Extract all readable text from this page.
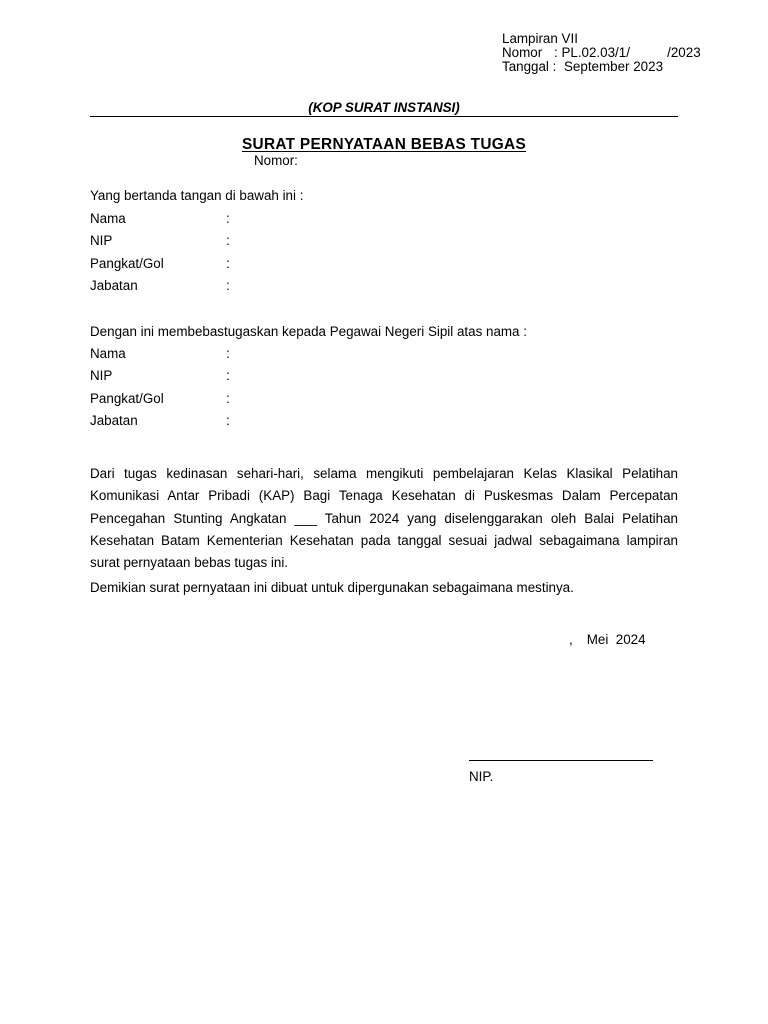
Lampiran VII
Nomor : PL.02.03/1/          /2023
Tanggal : September 2023
(KOP SURAT INSTANSI)
SURAT PERNYATAAN BEBAS TUGAS
Nomor:
Yang bertanda tangan di bawah ini :
Nama	:
NIP	:
Pangkat/Gol	:
Jabatan	:
Dengan ini membebastugaskan kepada Pegawai Negeri Sipil atas nama :
Nama	:
NIP	:
Pangkat/Gol	:
Jabatan	:
Dari tugas kedinasan sehari-hari, selama mengikuti pembelajaran Kelas Klasikal Pelatihan Komunikasi Antar Pribadi (KAP) Bagi Tenaga Kesehatan di Puskesmas Dalam Percepatan Pencegahan Stunting Angkatan ___ Tahun 2024 yang diselenggarakan oleh Balai Pelatihan Kesehatan Batam Kementerian Kesehatan pada tanggal sesuai jadwal sebagaimana lampiran surat pernyataan bebas tugas ini.
Demikian surat pernyataan ini dibuat untuk dipergunakan sebagaimana mestinya.
, Mei  2024
NIP.
